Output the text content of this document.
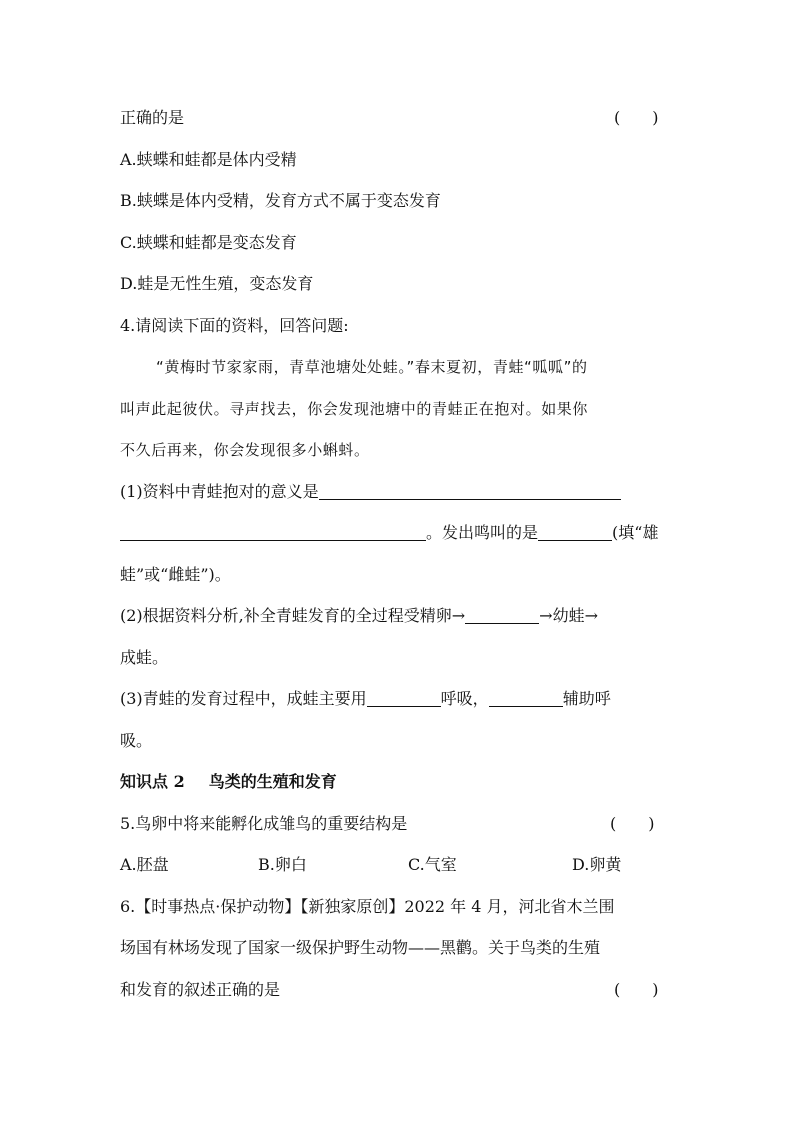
正确的是	(　　)
A.蛱蝶和蛙都是体内受精
B.蛱蝶是体内受精，发育方式不属于变态发育
C.蛱蝶和蛙都是变态发育
D.蛙是无性生殖，变态发育
4.请阅读下面的资料，回答问题:
“黄梅时节家家雨，青草池塘处处蛙。”春末夏初，青蛙“呱呱”的
叫声此起彼伏。寻声找去，你会发现池塘中的青蛙正在抱对。如果你
不久后再来，你会发现很多小蝌蚪。
(1)资料中青蛙抱对的意义是
。发出鸣叫的是	(填“雄
蛙”或“雌蛙”)。
(2)根据资料分析,补全青蛙发育的全过程受精卵→	→幼蛙→
成蛙。
(3)青蛙的发育过程中，成蛙主要用	呼吸，	辅助呼
吸。
知识点 2 鸟类的生殖和发育
5.鸟卵中将来能孵化成雏鸟的重要结构是	(　　)
A.胚盘	B.卵白	C.气室	D.卵黄
6.【时事热点·保护动物】【新独家原创】2022 年 4 月，河北省木兰围
场国有林场发现了国家一级保护野生动物——黑鹳。关于鸟类的生殖
和发育的叙述正确的是	(　　)
